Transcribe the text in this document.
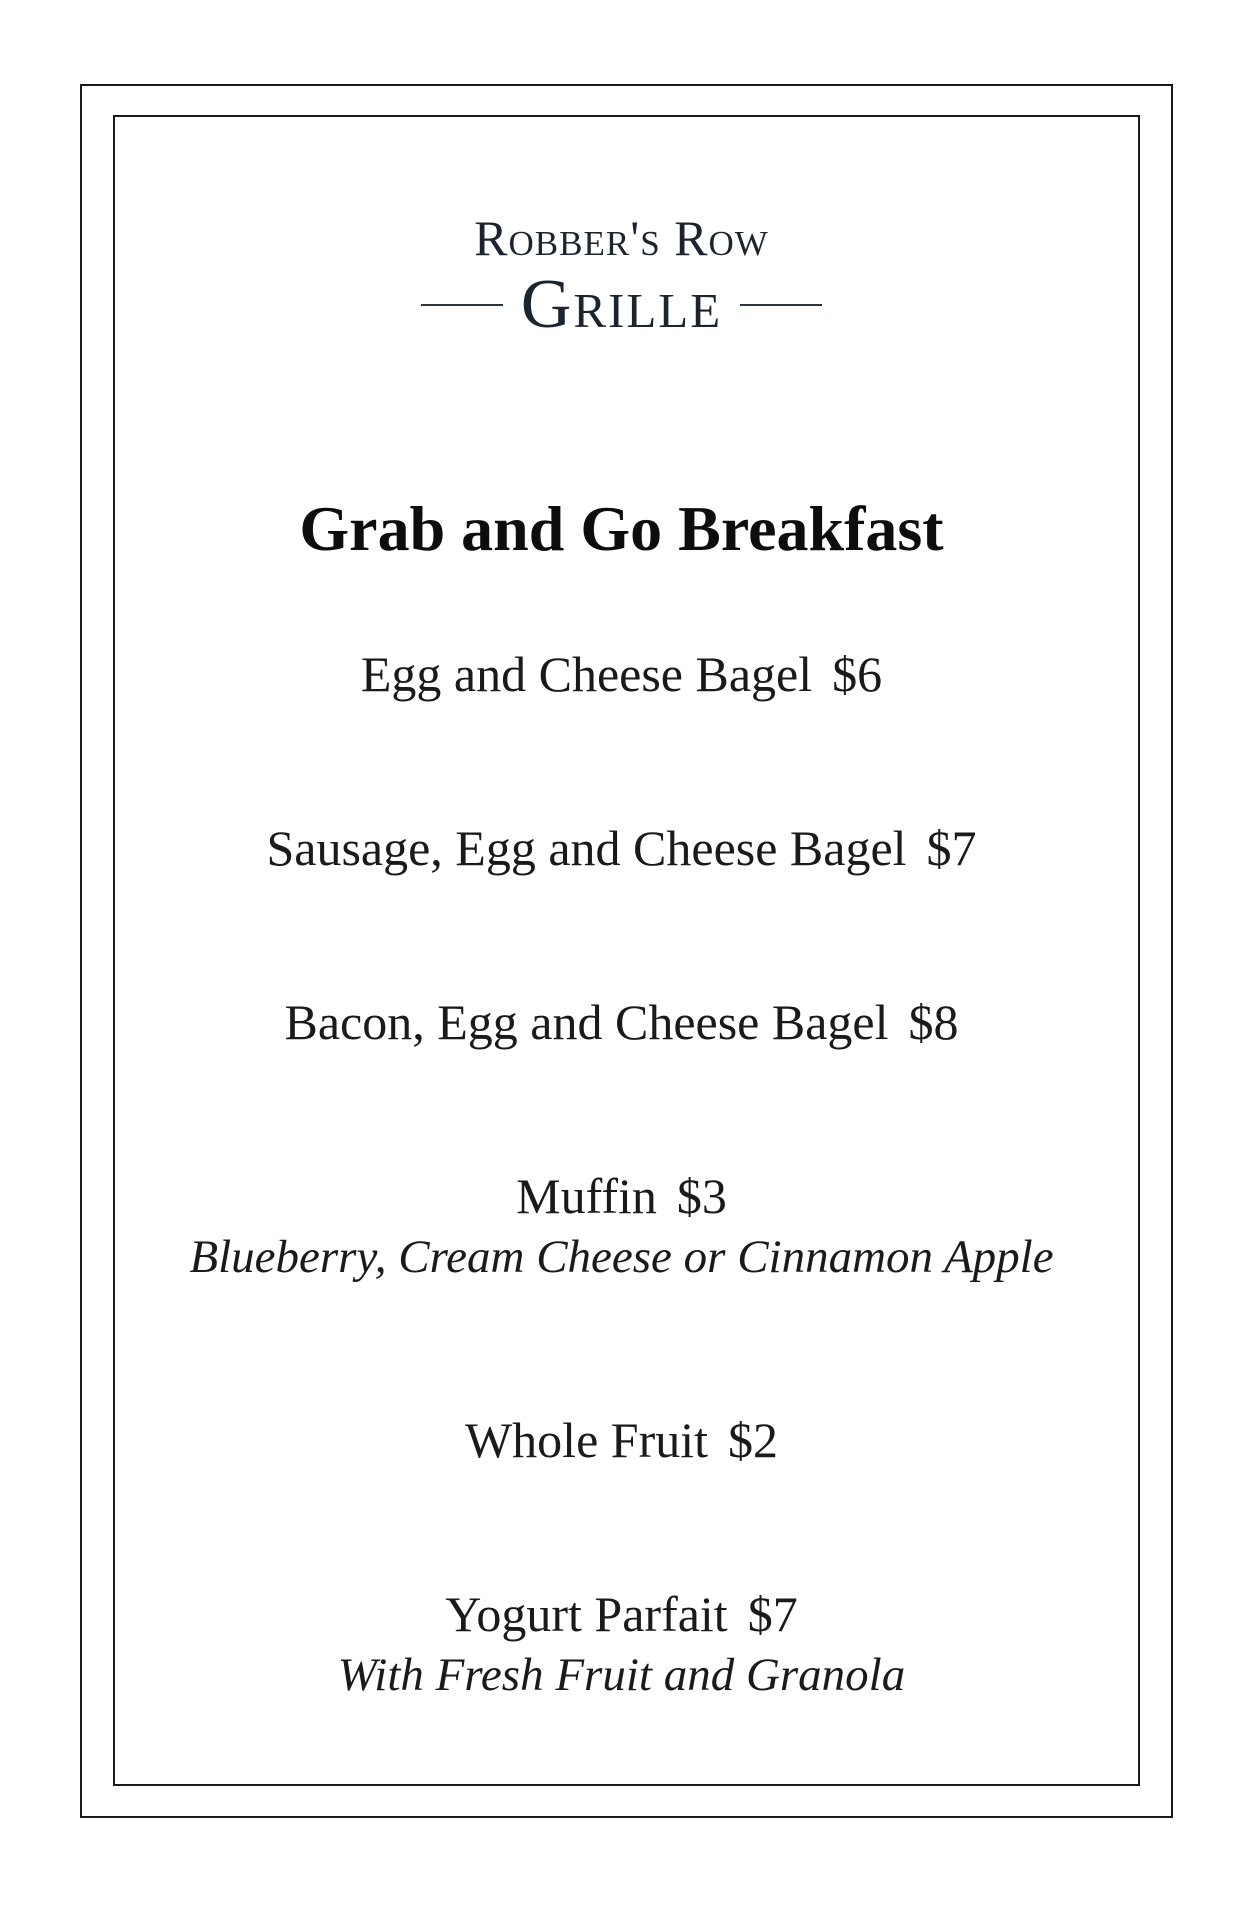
Robber's Row
Grille
Grab and Go Breakfast
Egg and Cheese Bagel $6
Sausage, Egg and Cheese Bagel $7
Bacon, Egg and Cheese Bagel $8
Muffin $3
Blueberry, Cream Cheese or Cinnamon Apple
Whole Fruit $2
Yogurt Parfait $7
With Fresh Fruit and Granola
